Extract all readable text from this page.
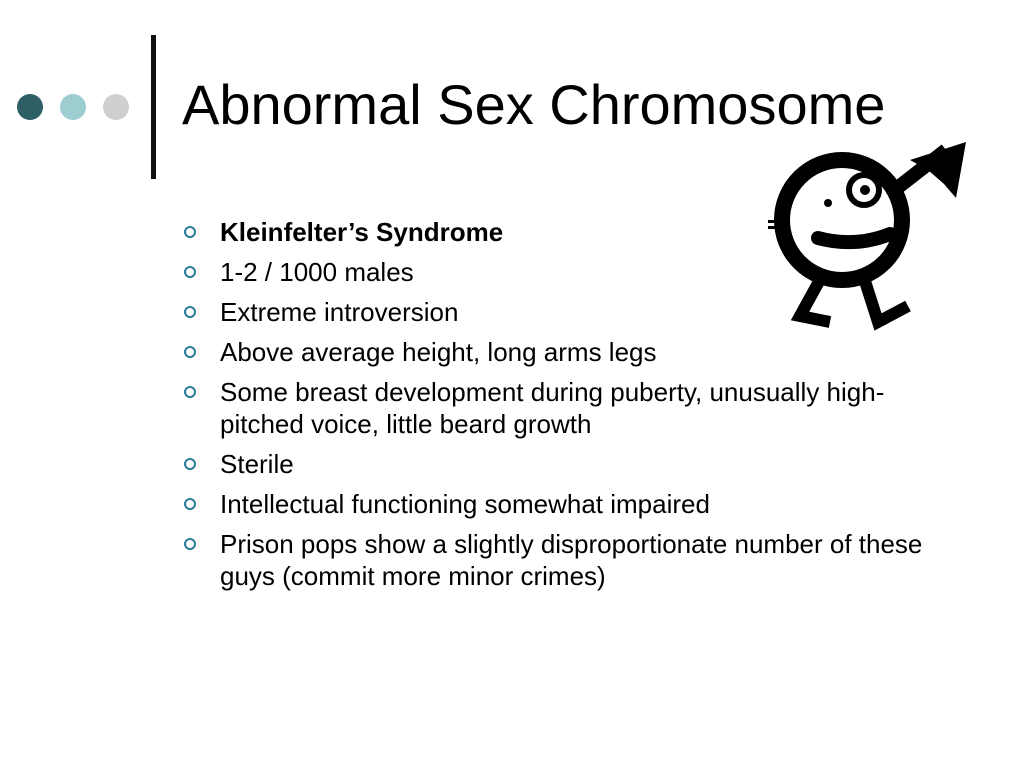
Abnormal Sex Chromosome
Kleinfelter’s Syndrome
1-2 / 1000 males
Extreme introversion
Above average height, long arms legs
Some breast development during puberty, unusually high-pitched voice, little beard growth
Sterile
Intellectual functioning somewhat impaired
Prison pops show a slightly disproportionate number of these guys (commit more minor crimes)
